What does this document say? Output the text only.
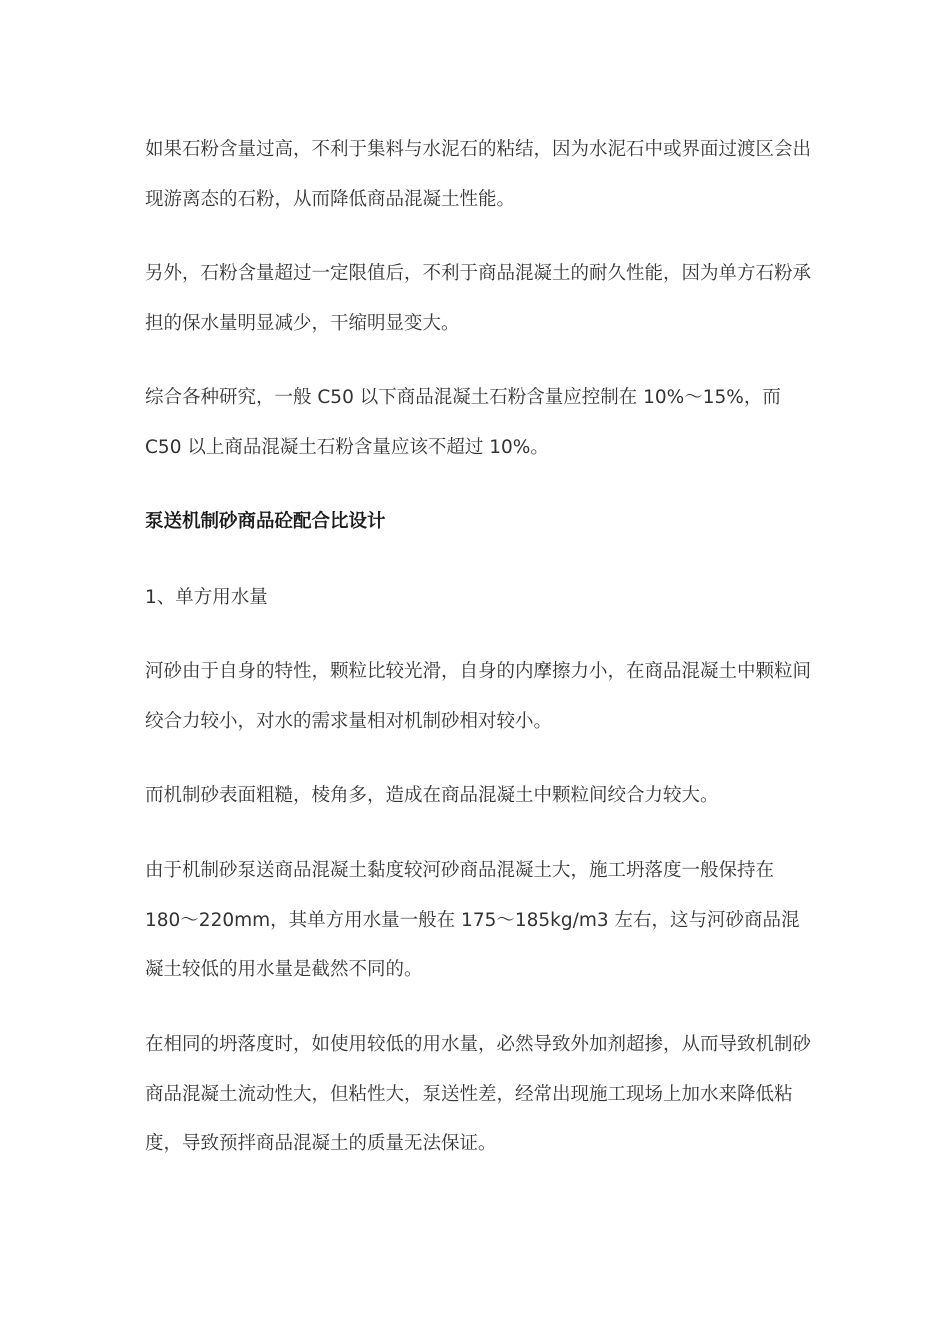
如果石粉含量过高，不利于集料与水泥石的粘结，因为水泥石中或界面过渡区会出现游离态的石粉，从而降低商品混凝土性能。

另外，石粉含量超过一定限值后，不利于商品混凝土的耐久性能，因为单方石粉承担的保水量明显减少，干缩明显变大。

综合各种研究，一般 C50 以下商品混凝土石粉含量应控制在 10%～15%，而 C50 以上商品混凝土石粉含量应该不超过 10%。

泵送机制砂商品砼配合比设计

1、单方用水量

河砂由于自身的特性，颗粒比较光滑，自身的内摩擦力小，在商品混凝土中颗粒间绞合力较小，对水的需求量相对机制砂相对较小。

而机制砂表面粗糙，棱角多，造成在商品混凝土中颗粒间绞合力较大。

由于机制砂泵送商品混凝土黏度较河砂商品混凝土大，施工坍落度一般保持在 180～220mm，其单方用水量一般在 175～185kg/m3 左右，这与河砂商品混凝土较低的用水量是截然不同的。

在相同的坍落度时，如使用较低的用水量，必然导致外加剂超掺，从而导致机制砂商品混凝土流动性大，但粘性大，泵送性差，经常出现施工现场上加水来降低粘度，导致预拌商品混凝土的质量无法保证。
